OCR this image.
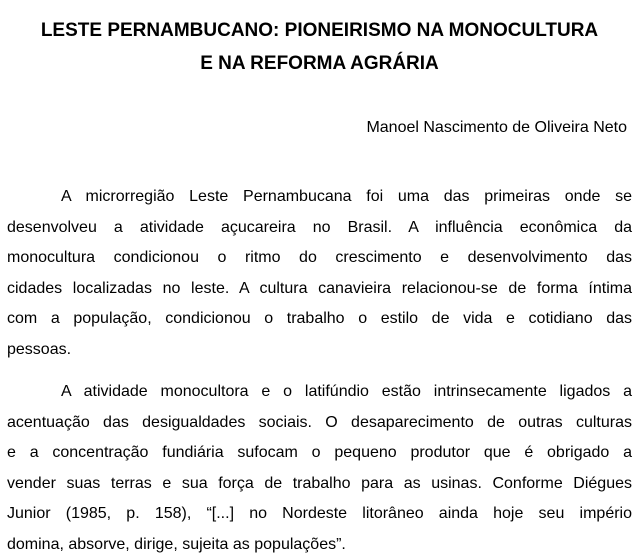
LESTE PERNAMBUCANO: PIONEIRISMO NA MONOCULTURA
E NA REFORMA AGRÁRIA

Manoel Nascimento de Oliveira Neto

A microrregião Leste Pernambucana foi uma das primeiras onde se
desenvolveu a atividade açucareira no Brasil. A influência econômica da
monocultura condicionou o ritmo do crescimento e desenvolvimento das
cidades localizadas no leste. A cultura canavieira relacionou-se de forma íntima
com a população, condicionou o trabalho o estilo de vida e cotidiano das
pessoas.

A atividade monocultora e o latifúndio estão intrinsecamente ligados a
acentuação das desigualdades sociais. O desaparecimento de outras culturas
e a concentração fundiária sufocam o pequeno produtor que é obrigado a
vender suas terras e sua força de trabalho para as usinas. Conforme Diégues
Junior (1985, p. 158), “[...] no Nordeste litorâneo ainda hoje seu império
domina, absorve, dirige, sujeita as populações”.
